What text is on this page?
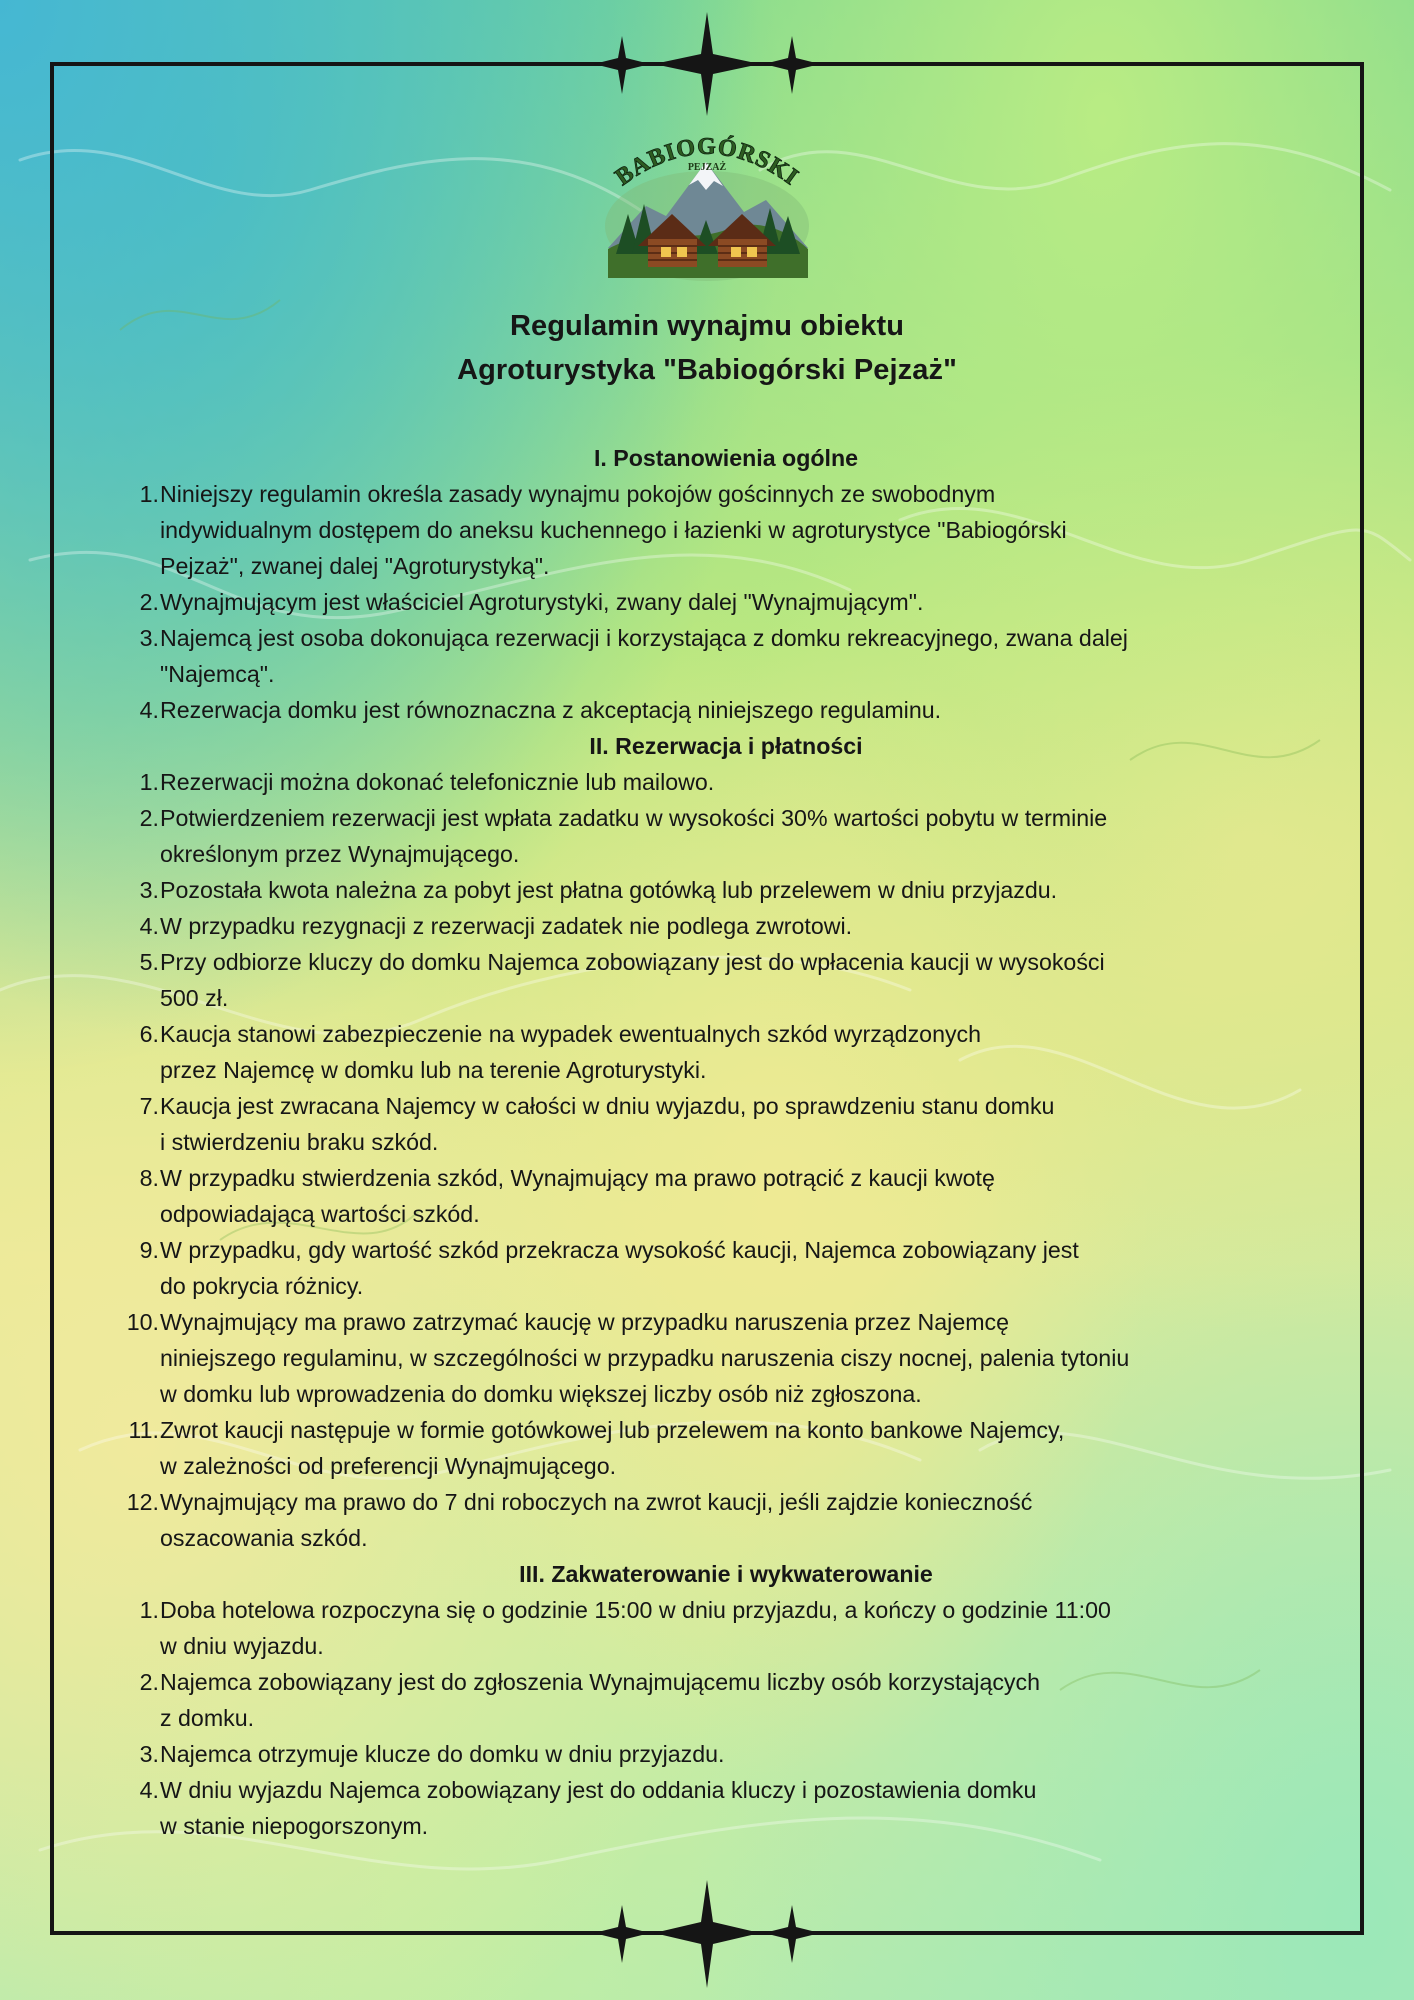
BABIOGÓRSKI
PEJZAŻ
Regulamin wynajmu obiektu
Agroturystyka "Babiogórski Pejzaż"
I. Postanowienia ogólne
1. Niniejszy regulamin określa zasady wynajmu pokojów gościnnych ze swobodnym
indywidualnym dostępem do aneksu kuchennego i łazienki w agroturystyce "Babiogórski
Pejzaż", zwanej dalej "Agroturystyką".
2. Wynajmującym jest właściciel Agroturystyki, zwany dalej "Wynajmującym".
3. Najemcą jest osoba dokonująca rezerwacji i korzystająca z domku rekreacyjnego, zwana dalej
"Najemcą".
4. Rezerwacja domku jest równoznaczna z akceptacją niniejszego regulaminu.
II. Rezerwacja i płatności
1. Rezerwacji można dokonać telefonicznie lub mailowo.
2. Potwierdzeniem rezerwacji jest wpłata zadatku w wysokości 30% wartości pobytu w terminie
określonym przez Wynajmującego.
3. Pozostała kwota należna za pobyt jest płatna gotówką lub przelewem w dniu przyjazdu.
4. W przypadku rezygnacji z rezerwacji zadatek nie podlega zwrotowi.
5. Przy odbiorze kluczy do domku Najemca zobowiązany jest do wpłacenia kaucji w wysokości
500 zł.
6. Kaucja stanowi zabezpieczenie na wypadek ewentualnych szkód wyrządzonych
przez Najemcę w domku lub na terenie Agroturystyki.
7. Kaucja jest zwracana Najemcy w całości w dniu wyjazdu, po sprawdzeniu stanu domku
i stwierdzeniu braku szkód.
8. W przypadku stwierdzenia szkód, Wynajmujący ma prawo potrącić z kaucji kwotę
odpowiadającą wartości szkód.
9. W przypadku, gdy wartość szkód przekracza wysokość kaucji, Najemca zobowiązany jest
do pokrycia różnicy.
10. Wynajmujący ma prawo zatrzymać kaucję w przypadku naruszenia przez Najemcę
niniejszego regulaminu, w szczególności w przypadku naruszenia ciszy nocnej, palenia tytoniu
w domku lub wprowadzenia do domku większej liczby osób niż zgłoszona.
11. Zwrot kaucji następuje w formie gotówkowej lub przelewem na konto bankowe Najemcy,
w zależności od preferencji Wynajmującego.
12. Wynajmujący ma prawo do 7 dni roboczych na zwrot kaucji, jeśli zajdzie konieczność
oszacowania szkód.
III. Zakwaterowanie i wykwaterowanie
1. Doba hotelowa rozpoczyna się o godzinie 15:00 w dniu przyjazdu, a kończy o godzinie 11:00
w dniu wyjazdu.
2. Najemca zobowiązany jest do zgłoszenia Wynajmującemu liczby osób korzystających
z domku.
3. Najemca otrzymuje klucze do domku w dniu przyjazdu.
4. W dniu wyjazdu Najemca zobowiązany jest do oddania kluczy i pozostawienia domku
w stanie niepogorszonym.
